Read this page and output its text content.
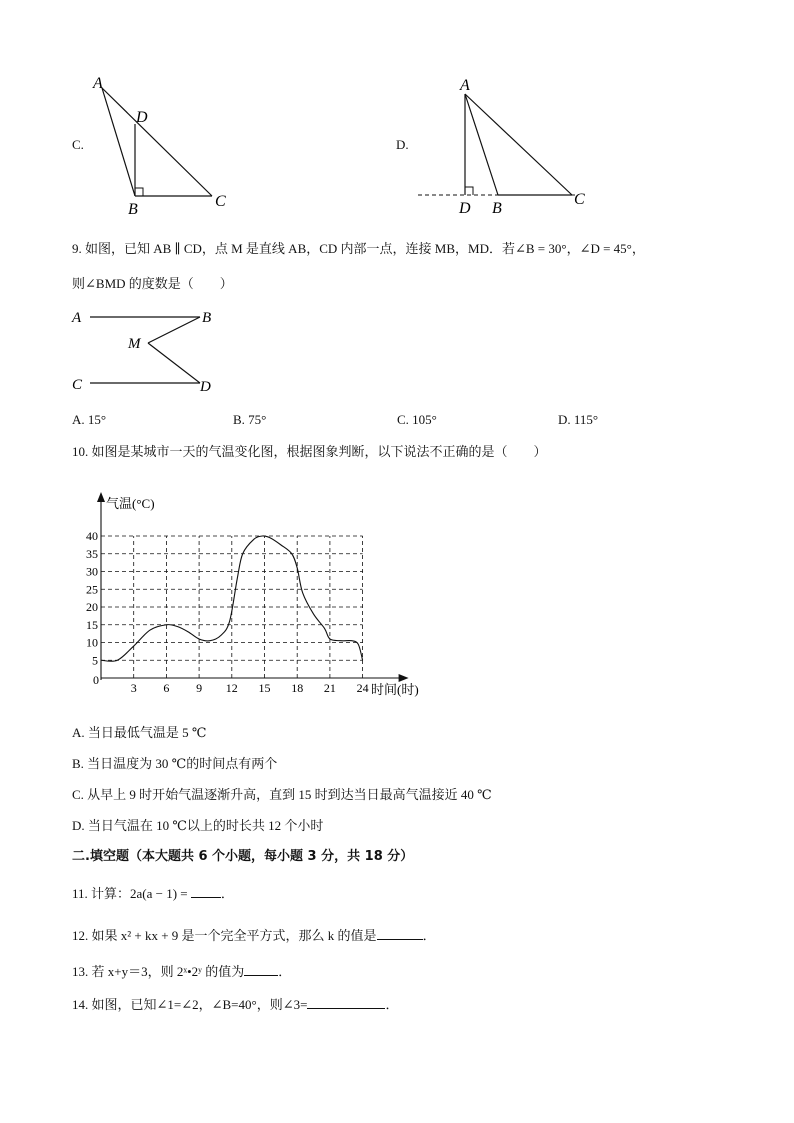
C.
A
D
B	C
D.
A
D B
C
9. 如图，已知 AB ∥ CD，点 M 是直线 AB，CD 内部一点，连接 MB，MD．若∠B = 30°，∠D = 45°，
则∠BMD 的度数是（　　）
A	B
M
C	D
A. 15°	B. 75°	C. 105°	D. 115°
10. 如图是某城市一天的气温变化图，根据图象判断，以下说法不正确的是（　　）
5
10
15
20
25
30
35
40
3 6 9 12 15 18 21 24
气温(°C)
时间(时)
0
A. 当日最低气温是 5 ℃
B. 当日温度为 30 ℃的时间点有两个
C. 从早上 9 时开始气温逐渐升高，直到 15 时到达当日最高气温接近 40 ℃
D. 当日气温在 10 ℃以上的时长共 12 个小时
二.填空题（本大题共 6 个小题，每小题 3 分，共 18 分）
11. 计算：2a(a − 1) =	．
12. 如果 x² + kx + 9 是一个完全平方式，那么 k 的值是	．
13. 若 x+y＝3，则 2ˣ•2ʸ 的值为	．
14. 如图，已知∠1=∠2，∠B=40°，则∠3=	．
